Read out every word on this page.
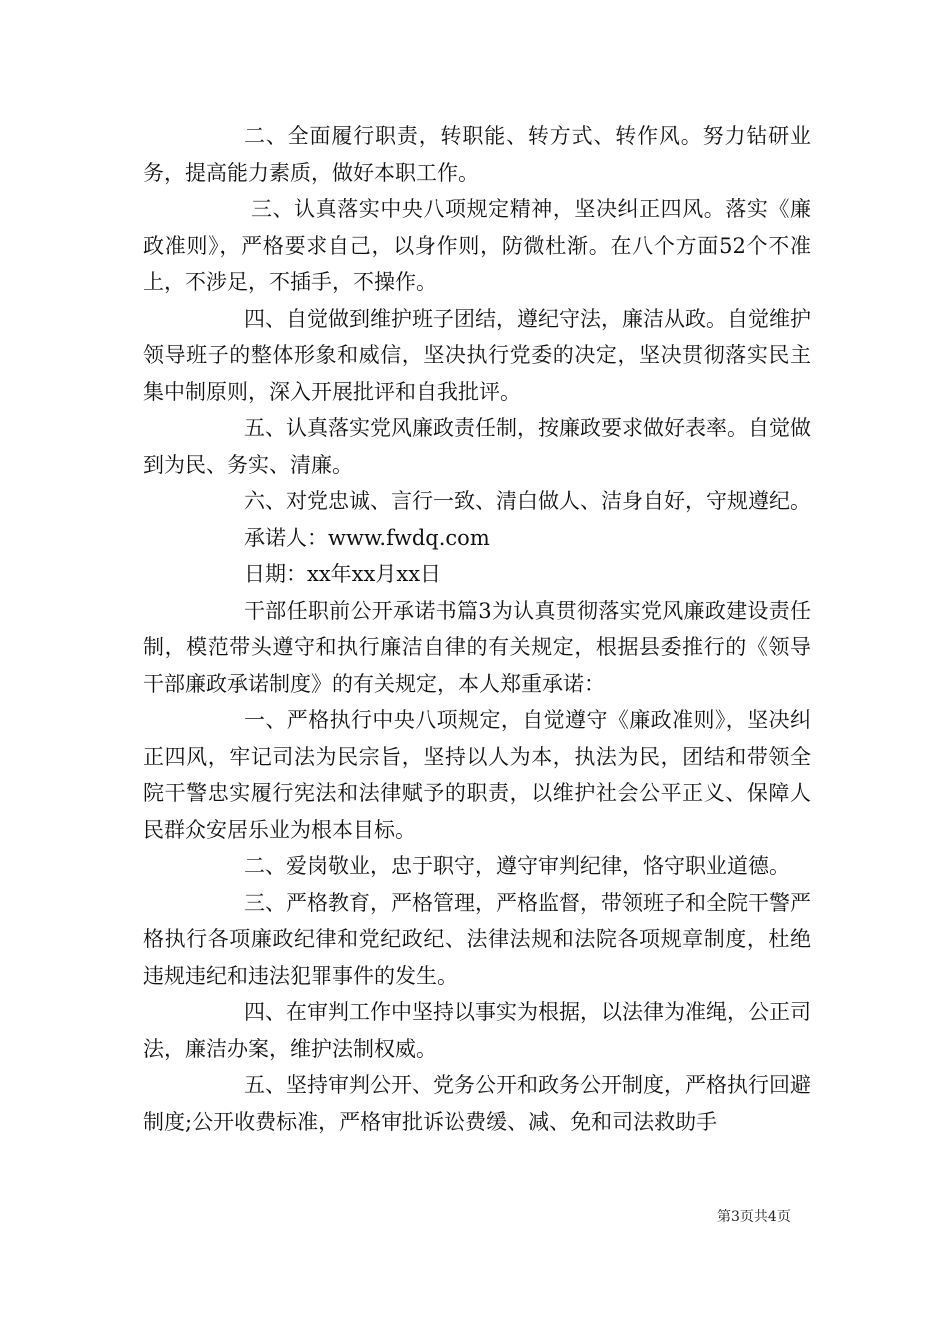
二、全面履行职责，转职能、转方式、转作风。努力钻研业务，提高能力素质，做好本职工作。

三、认真落实中央八项规定精神，坚决纠正四风。落实《廉政准则》，严格要求自己，以身作则，防微杜渐。在八个方面52个不准上，不涉足，不插手，不操作。

四、自觉做到维护班子团结，遵纪守法，廉洁从政。自觉维护领导班子的整体形象和威信，坚决执行党委的决定，坚决贯彻落实民主集中制原则，深入开展批评和自我批评。

五、认真落实党风廉政责任制，按廉政要求做好表率。自觉做到为民、务实、清廉。

六、对党忠诚、言行一致、清白做人、洁身自好，守规遵纪。

承诺人：www.fwdq.com

日期：xx年xx月xx日

干部任职前公开承诺书篇3为认真贯彻落实党风廉政建设责任制，模范带头遵守和执行廉洁自律的有关规定，根据县委推行的《领导干部廉政承诺制度》的有关规定，本人郑重承诺：

一、严格执行中央八项规定，自觉遵守《廉政准则》，坚决纠正四风，牢记司法为民宗旨，坚持以人为本，执法为民，团结和带领全院干警忠实履行宪法和法律赋予的职责，以维护社会公平正义、保障人民群众安居乐业为根本目标。

二、爱岗敬业，忠于职守，遵守审判纪律，恪守职业道德。

三、严格教育，严格管理，严格监督，带领班子和全院干警严格执行各项廉政纪律和党纪政纪、法律法规和法院各项规章制度，杜绝违规违纪和违法犯罪事件的发生。

四、在审判工作中坚持以事实为根据，以法律为准绳，公正司法，廉洁办案，维护法制权威。

五、坚持审判公开、党务公开和政务公开制度，严格执行回避制度;公开收费标准，严格审批诉讼费缓、减、免和司法救助手

第3页共4页
